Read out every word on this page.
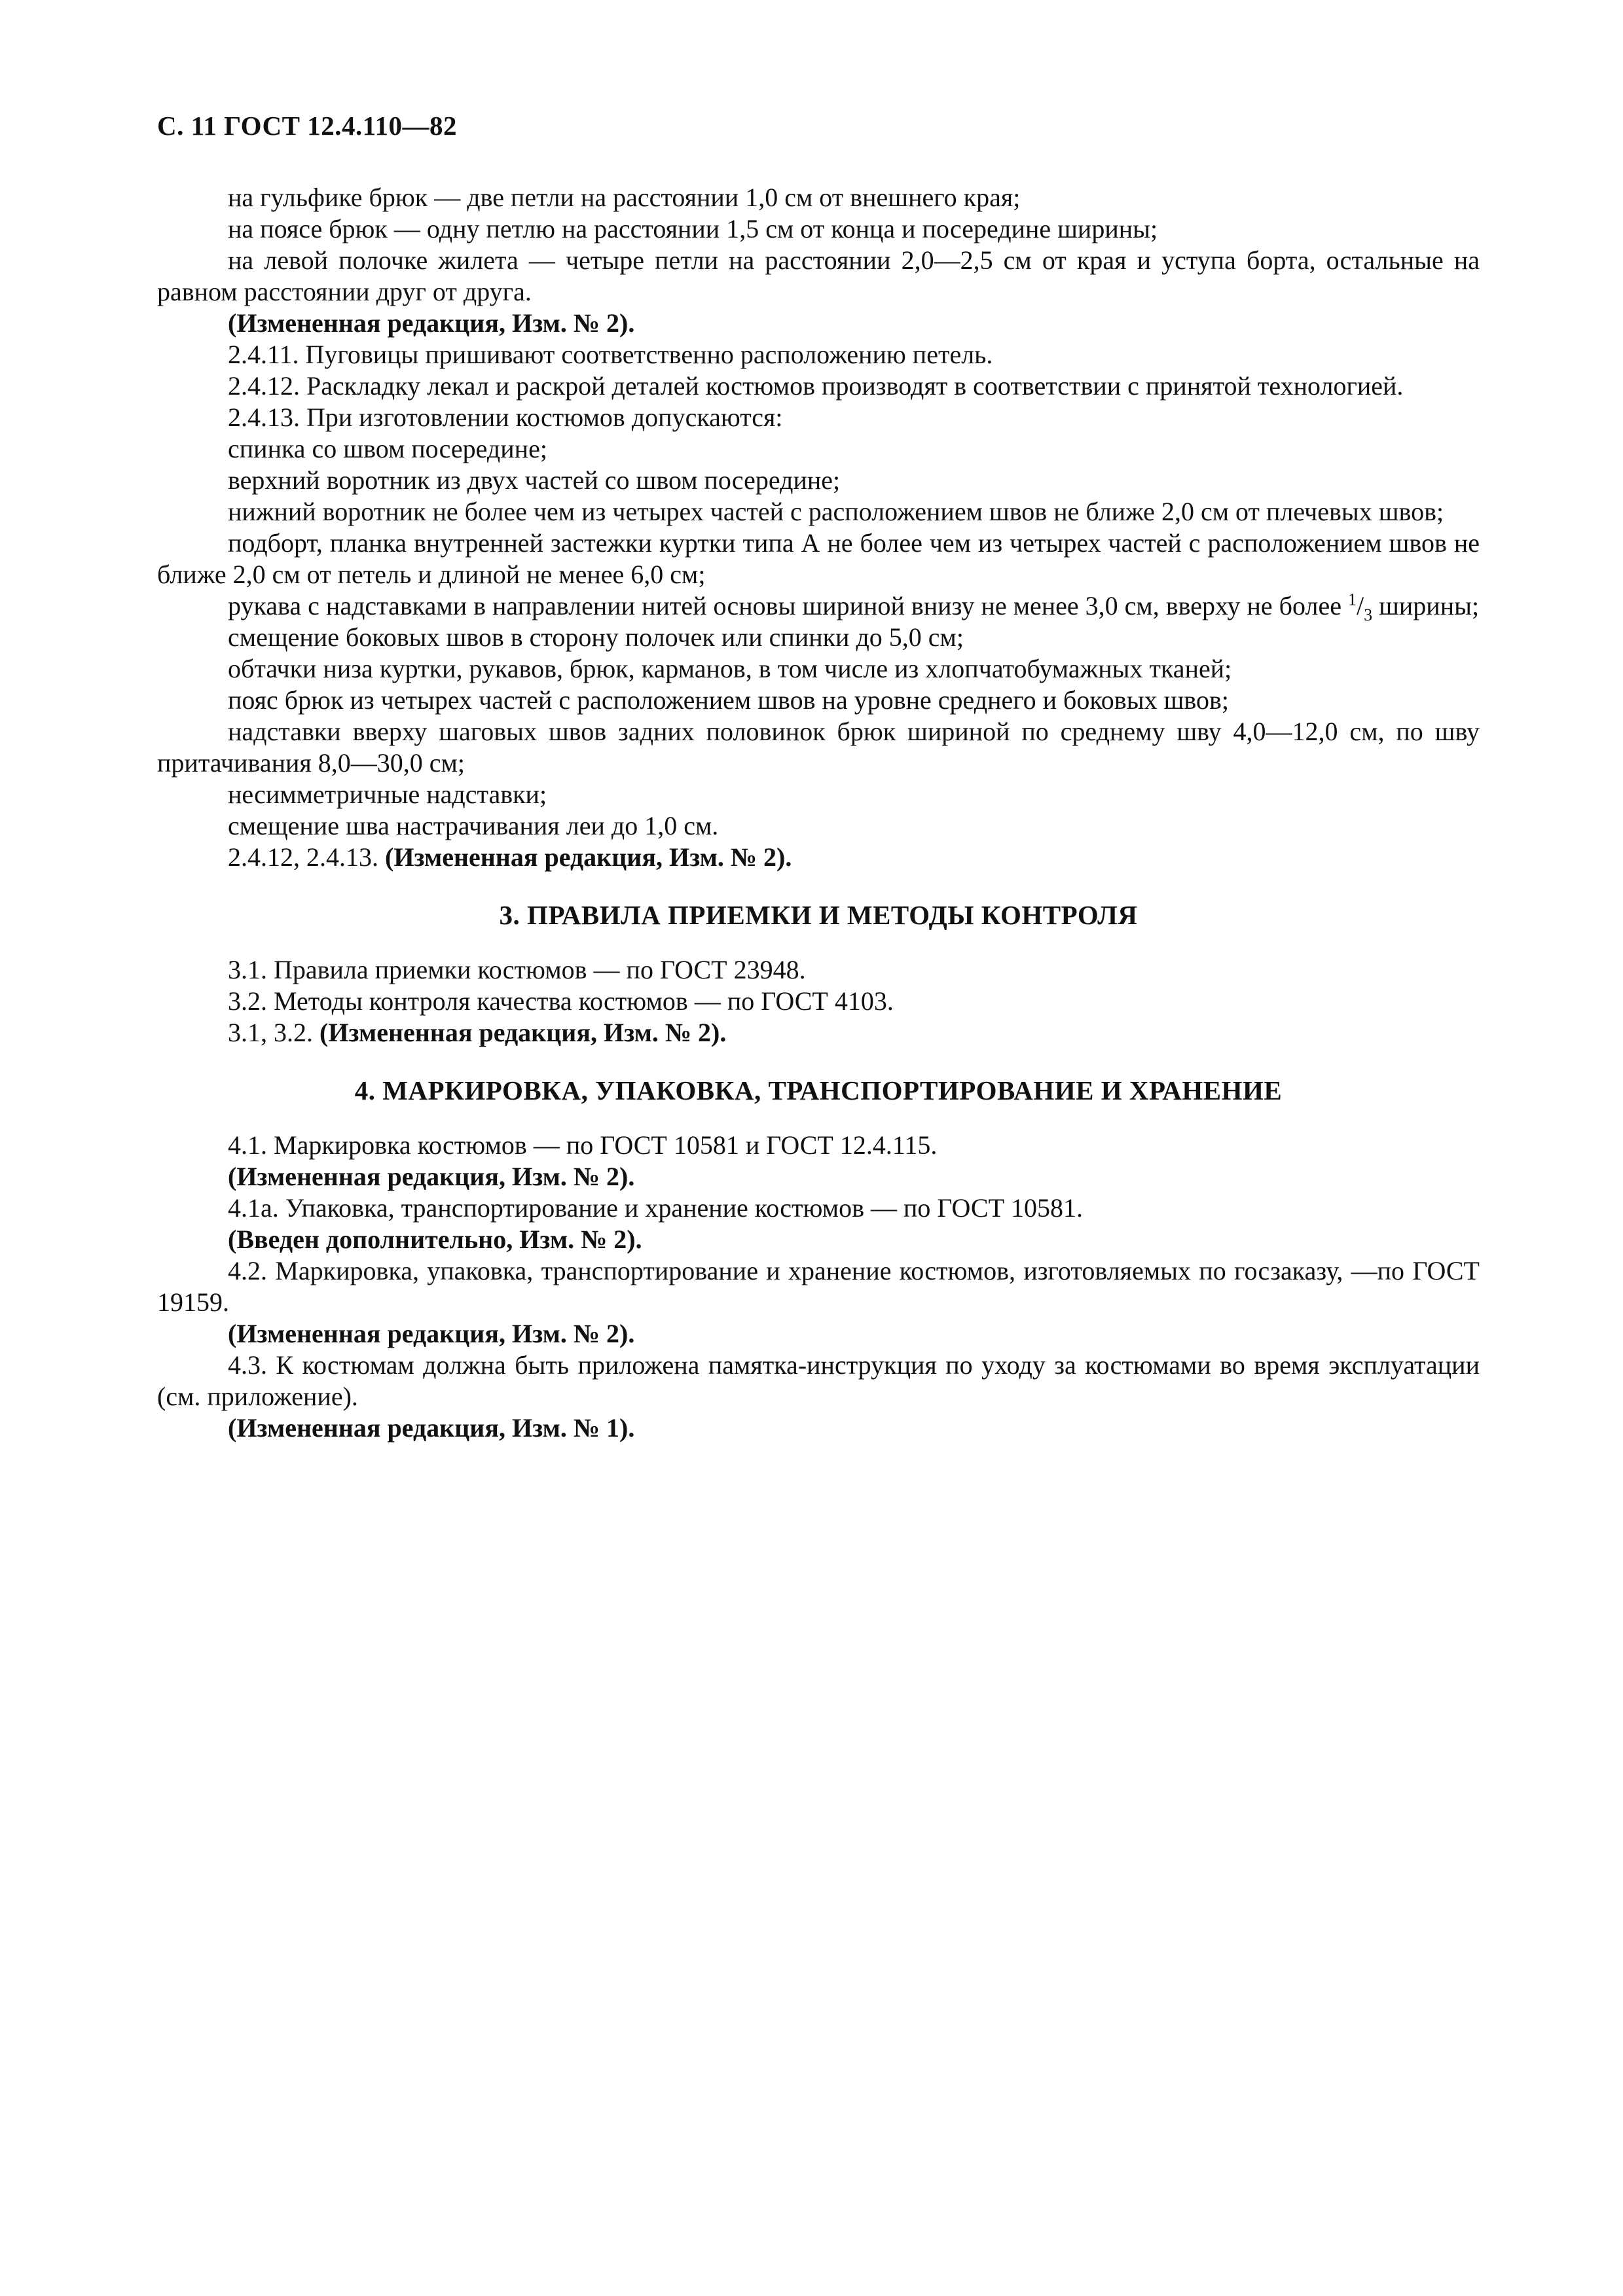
С. 11 ГОСТ 12.4.110—82

на гульфике брюк — две петли на расстоянии 1,0 см от внешнего края;

на поясе брюк — одну петлю на расстоянии 1,5 см от конца и посередине ширины;

на левой полочке жилета — четыре петли на расстоянии 2,0—2,5 см от края и уступа борта, остальные на равном расстоянии друг от друга.

(Измененная редакция, Изм. № 2).

2.4.11. Пуговицы пришивают соответственно расположению петель.

2.4.12. Раскладку лекал и раскрой деталей костюмов производят в соответствии с принятой технологией.

2.4.13. При изготовлении костюмов допускаются:

спинка со швом посередине;

верхний воротник из двух частей со швом посередине;

нижний воротник не более чем из четырех частей с расположением швов не ближе 2,0 см от плечевых швов;

подборт, планка внутренней застежки куртки типа А не более чем из четырех частей с расположением швов не ближе 2,0 см от петель и длиной не менее 6,0 см;

рукава с надставками в направлении нитей основы шириной внизу не менее 3,0 см, вверху не более $^1/_3$ ширины;

смещение боковых швов в сторону полочек или спинки до 5,0 см;

обтачки низа куртки, рукавов, брюк, карманов, в том числе из хлопчатобумажных тканей;

пояс брюк из четырех частей с расположением швов на уровне среднего и боковых швов;

надставки вверху шаговых швов задних половинок брюк шириной по среднему шву 4,0—12,0 см, по шву притачивания 8,0—30,0 см;

несимметричные надставки;

смещение шва настрачивания леи до 1,0 см.

2.4.12, 2.4.13. (Измененная редакция, Изм. № 2).

3. ПРАВИЛА ПРИЕМКИ И МЕТОДЫ КОНТРОЛЯ

3.1. Правила приемки костюмов — по ГОСТ 23948.

3.2. Методы контроля качества костюмов — по ГОСТ 4103.

3.1, 3.2. (Измененная редакция, Изм. № 2).

4. МАРКИРОВКА, УПАКОВКА, ТРАНСПОРТИРОВАНИЕ И ХРАНЕНИЕ

4.1. Маркировка костюмов — по ГОСТ 10581 и ГОСТ 12.4.115.

(Измененная редакция, Изм. № 2).

4.1а. Упаковка, транспортирование и хранение костюмов — по ГОСТ 10581.

(Введен дополнительно, Изм. № 2).

4.2. Маркировка, упаковка, транспортирование и хранение костюмов, изготовляемых по госзаказу, —по ГОСТ 19159.

(Измененная редакция, Изм. № 2).

4.3. К костюмам должна быть приложена памятка-инструкция по уходу за костюмами во время эксплуатации (см. приложение).

(Измененная редакция, Изм. № 1).
